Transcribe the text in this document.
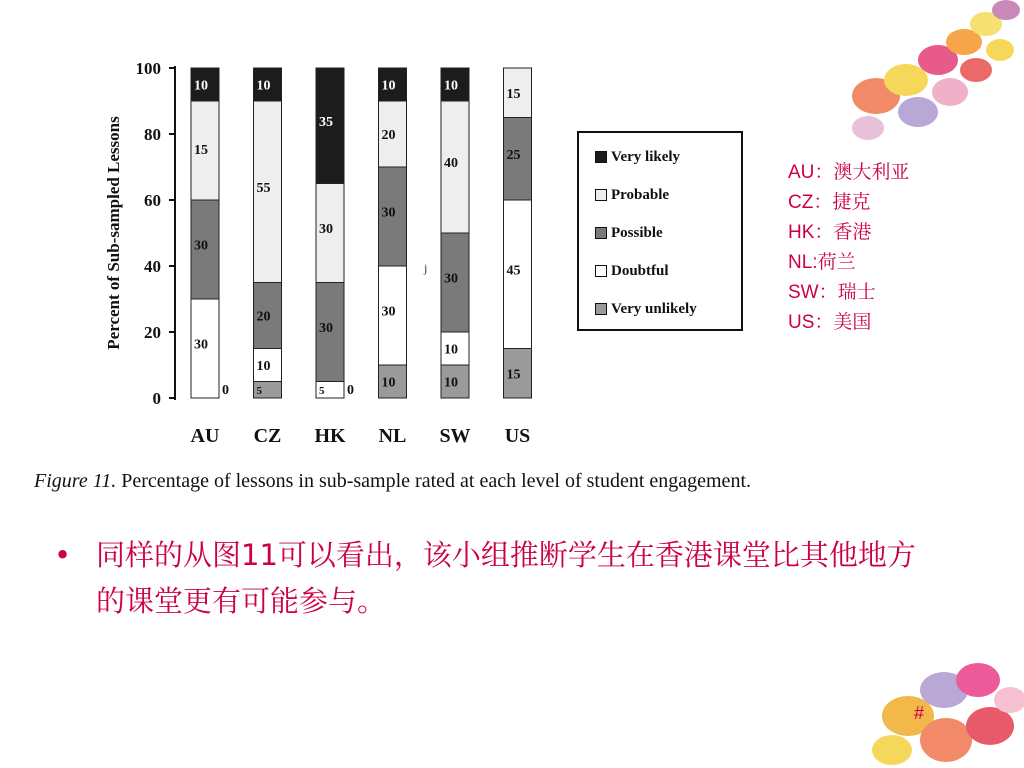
0
20
40
60
80
100
0
30
30
10
AU
5
10
20
55
10
CZ
0
5
30
30
35
HK
10
30
30
20
10
NL
10
10
30
40
10
SW
15
45
25
15
0
US
15
Percent of Sub-sampled Lessons	j
Very likely
Probable
Possible
Doubtful
Very unlikely
Figure 11. Percentage of lessons in sub-sample rated at each level of student engagement.
AU：澳大利亚
CZ：捷克
HK：香港
NL:荷兰
SW：瑞士
US：美国
• 同样的从图11可以看出，该小组推断学生在香港课堂比其他地方的课堂更有可能参与。
#
